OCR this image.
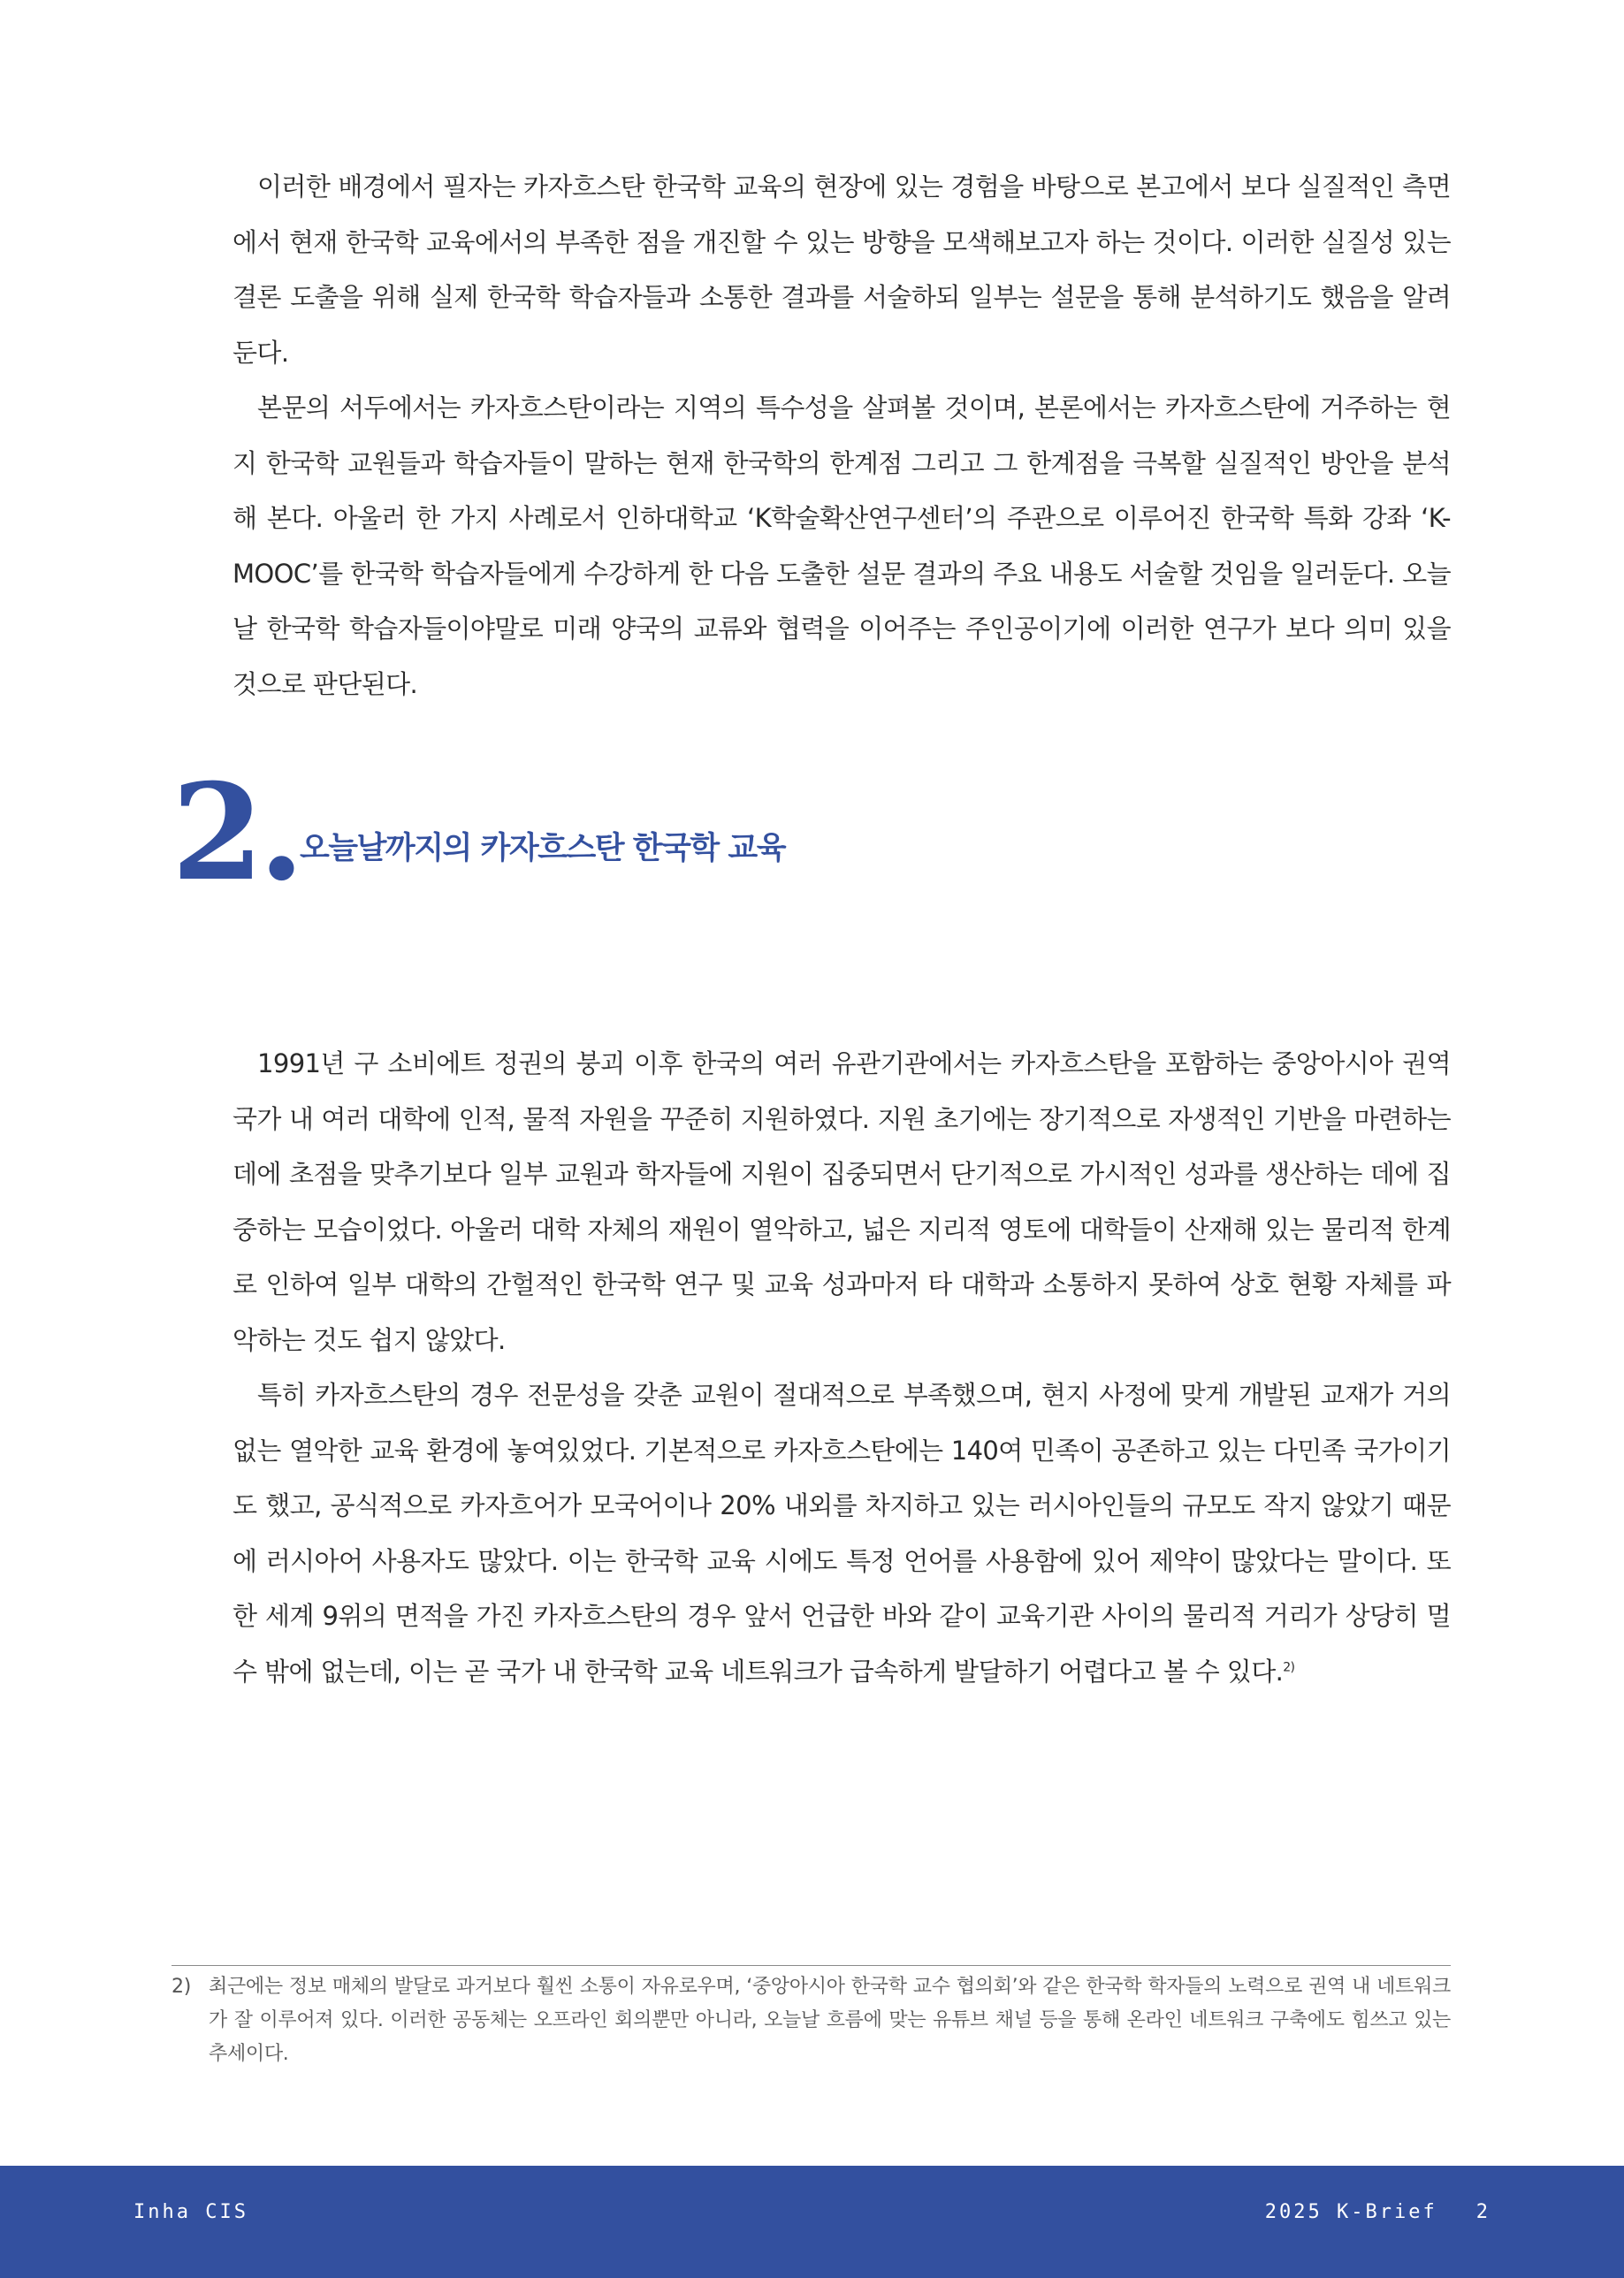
이러한 배경에서 필자는 카자흐스탄 한국학 교육의 현장에 있는 경험을 바탕으로 본고에서 보다 실질적인 측면에서 현재 한국학 교육에서의 부족한 점을 개진할 수 있는 방향을 모색해보고자 하는 것이다. 이러한 실질성 있는 결론 도출을 위해 실제 한국학 학습자들과 소통한 결과를 서술하되 일부는 설문을 통해 분석하기도 했음을 알려 둔다.

본문의 서두에서는 카자흐스탄이라는 지역의 특수성을 살펴볼 것이며, 본론에서는 카자흐스탄에 거주하는 현지 한국학 교원들과 학습자들이 말하는 현재 한국학의 한계점 그리고 그 한계점을 극복할 실질적인 방안을 분석해 본다. 아울러 한 가지 사례로서 인하대학교 ‘K학술확산연구센터’의 주관으로 이루어진 한국학 특화 강좌 ‘K-MOOC’를 한국학 학습자들에게 수강하게 한 다음 도출한 설문 결과의 주요 내용도 서술할 것임을 일러둔다. 오늘날 한국학 학습자들이야말로 미래 양국의 교류와 협력을 이어주는 주인공이기에 이러한 연구가 보다 의미 있을 것으로 판단된다.

2. 오늘날까지의 카자흐스탄 한국학 교육

1991년 구 소비에트 정권의 붕괴 이후 한국의 여러 유관기관에서는 카자흐스탄을 포함하는 중앙아시아 권역 국가 내 여러 대학에 인적, 물적 자원을 꾸준히 지원하였다. 지원 초기에는 장기적으로 자생적인 기반을 마련하는 데에 초점을 맞추기보다 일부 교원과 학자들에 지원이 집중되면서 단기적으로 가시적인 성과를 생산하는 데에 집중하는 모습이었다. 아울러 대학 자체의 재원이 열악하고, 넓은 지리적 영토에 대학들이 산재해 있는 물리적 한계로 인하여 일부 대학의 간헐적인 한국학 연구 및 교육 성과마저 타 대학과 소통하지 못하여 상호 현황 자체를 파악하는 것도 쉽지 않았다.

특히 카자흐스탄의 경우 전문성을 갖춘 교원이 절대적으로 부족했으며, 현지 사정에 맞게 개발된 교재가 거의 없는 열악한 교육 환경에 놓여있었다. 기본적으로 카자흐스탄에는 140여 민족이 공존하고 있는 다민족 국가이기도 했고, 공식적으로 카자흐어가 모국어이나 20% 내외를 차지하고 있는 러시아인들의 규모도 작지 않았기 때문에 러시아어 사용자도 많았다. 이는 한국학 교육 시에도 특정 언어를 사용함에 있어 제약이 많았다는 말이다. 또한 세계 9위의 면적을 가진 카자흐스탄의 경우 앞서 언급한 바와 같이 교육기관 사이의 물리적 거리가 상당히 멀 수 밖에 없는데, 이는 곧 국가 내 한국학 교육 네트워크가 급속하게 발달하기 어렵다고 볼 수 있다.$^{2)}$

2) 최근에는 정보 매체의 발달로 과거보다 훨씬 소통이 자유로우며, ‘중앙아시아 한국학 교수 협의회’와 같은 한국학 학자들의 노력으로 권역 내 네트워크가 잘 이루어져 있다. 이러한 공동체는 오프라인 회의뿐만 아니라, 오늘날 흐름에 맞는 유튜브 채널 등을 통해 온라인 네트워크 구축에도 힘쓰고 있는 추세이다.
Inha CIS	2025 K-Brief 2
